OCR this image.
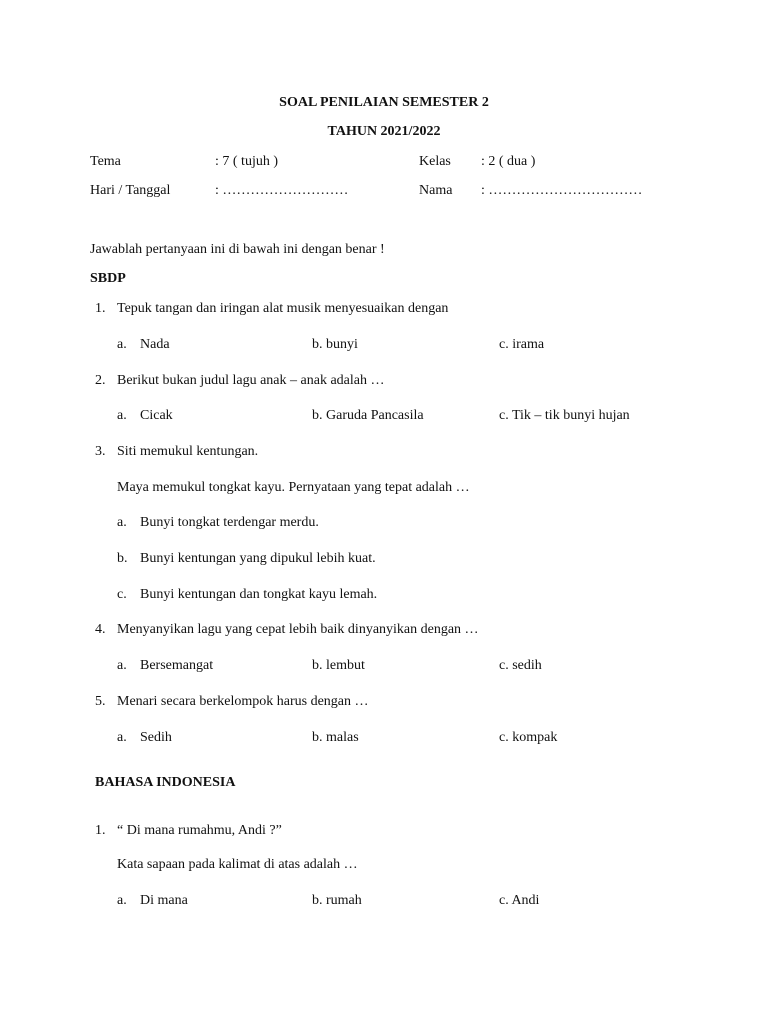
SOAL PENILAIAN SEMESTER 2
TAHUN 2021/2022
Tema	: 7 ( tujuh )	Kelas : 2 ( dua )
Hari / Tanggal	: ………………………	Nama : ……………………………
Jawablah pertanyaan ini di bawah ini dengan benar !
SBDP
1. Tepuk tangan dan iringan alat musik menyesuaikan dengan
a. Nada	b. bunyi	c. irama
2. Berikut bukan judul lagu anak – anak adalah …
a. Cicak	b. Garuda Pancasila	c. Tik – tik bunyi hujan
3. Siti memukul kentungan.
Maya memukul tongkat kayu. Pernyataan yang tepat adalah …
a. Bunyi tongkat terdengar merdu.
b. Bunyi kentungan yang dipukul lebih kuat.
c. Bunyi kentungan dan tongkat kayu lemah.
4. Menyanyikan lagu yang cepat lebih baik dinyanyikan dengan …
a. Bersemangat	b. lembut	c. sedih
5. Menari secara berkelompok harus dengan …
a. Sedih	b. malas	c. kompak
BAHASA INDONESIA
1. “ Di mana rumahmu, Andi ?”
Kata sapaan pada kalimat di atas adalah …
a. Di mana	b. rumah	c. Andi
